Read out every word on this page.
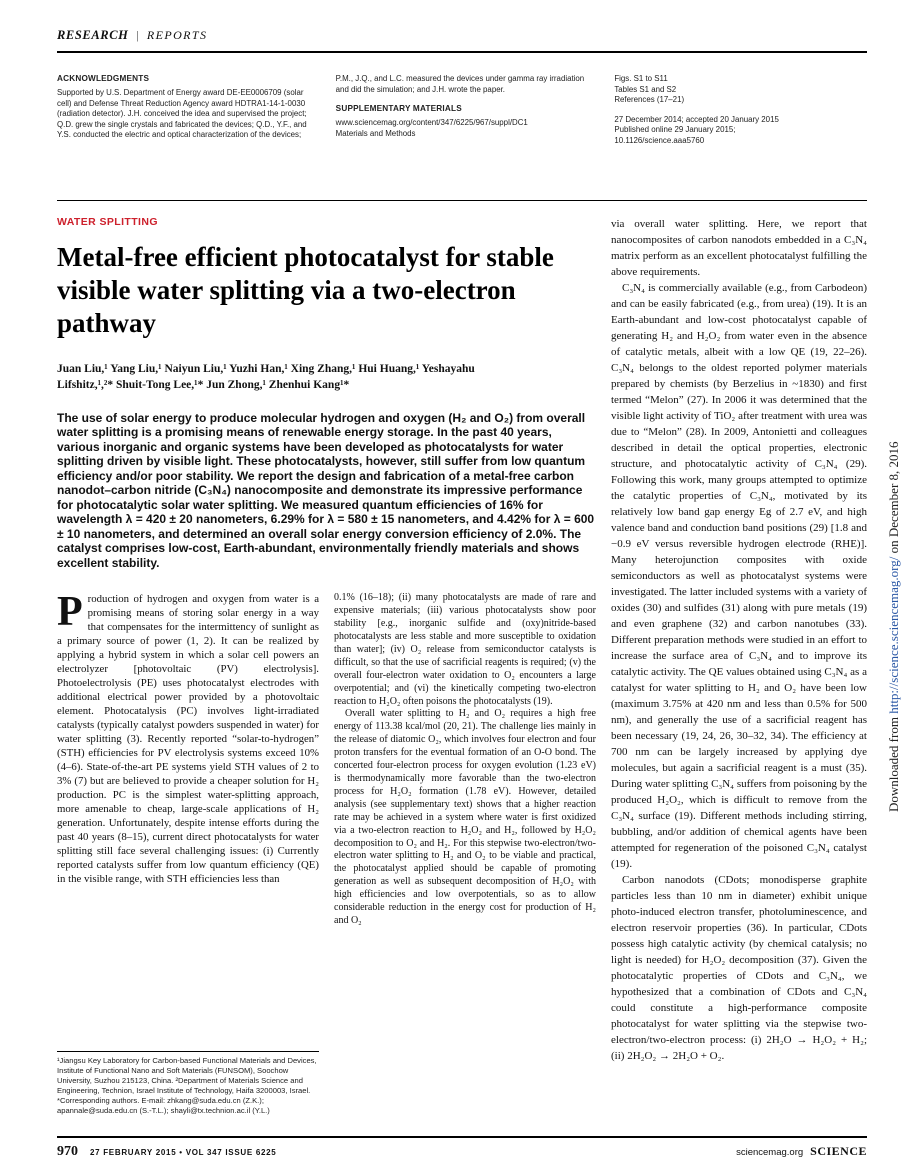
RESEARCH | REPORTS
ACKNOWLEDGMENTS

Supported by U.S. Department of Energy award DE-EE0006709 (solar cell) and Defense Threat Reduction Agency award HDTRA1-14-1-0030 (radiation detector). J.H. conceived the idea and supervised the project; Q.D. grew the single crystals and fabricated the devices; Q.D., Y.F., and Y.S. conducted the electric and optical characterization of the devices;

P.M., J.Q., and L.C. measured the devices under gamma ray irradiation and did the simulation; and J.H. wrote the paper.

SUPPLEMENTARY MATERIALS

www.sciencemag.org/content/347/6225/967/suppl/DC1

Materials and Methods

Figs. S1 to S11

Tables S1 and S2

References (17–21)

27 December 2014; accepted 20 January 2015

Published online 29 January 2015;

10.1126/science.aaa5760

WATER SPLITTING
Metal-free efficient photocatalyst for stable visible water splitting via a two-electron pathway

Juan Liu,¹ Yang Liu,¹ Naiyun Liu,¹ Yuzhi Han,¹ Xing Zhang,¹ Hui Huang,¹ Yeshayahu Lifshitz,¹,²* Shuit-Tong Lee,¹* Jun Zhong,¹ Zhenhui Kang¹*

The use of solar energy to produce molecular hydrogen and oxygen (H₂ and O₂) from overall water splitting is a promising means of renewable energy storage. In the past 40 years, various inorganic and organic systems have been developed as photocatalysts for water splitting driven by visible light. These photocatalysts, however, still suffer from low quantum efficiency and/or poor stability. We report the design and fabrication of a metal-free carbon nanodot–carbon nitride (C₃N₄) nanocomposite and demonstrate its impressive performance for photocatalytic solar water splitting. We measured quantum efficiencies of 16% for wavelength λ = 420 ± 20 nanometers, 6.29% for λ = 580 ± 15 nanometers, and 4.42% for λ = 600 ± 10 nanometers, and determined an overall solar energy conversion efficiency of 2.0%. The catalyst comprises low-cost, Earth-abundant, environmentally friendly materials and shows excellent stability.

Production of hydrogen and oxygen from water is a promising means of storing solar energy in a way that compensates for the intermittency of sunlight as a primary source of power (1, 2). It can be realized by applying a hybrid system in which a solar cell powers an electrolyzer [photovoltaic (PV) electrolysis]. Photoelectrolysis (PE) uses photocatalyst electrodes with additional electrical power provided by a photovoltaic element. Photocatalysis (PC) involves light-irradiated catalysts (typically catalyst powders suspended in water) for water splitting (3). Recently reported “solar-to-hydrogen” (STH) efficiencies for PV electrolysis systems exceed 10% (4–6). State-of-the-art PE systems yield STH values of 2 to 3% (7) but are believed to provide a cheaper solution for H₂ production. PC is the simplest water-splitting approach, more amenable to cheap, large-scale applications of H₂ generation. Unfortunately, despite intense efforts during the past 40 years (8–15), current direct photocatalysts for water splitting still face several challenging issues: (i) Currently reported catalysts suffer from low quantum efficiency (QE) in the visible range, with STH efficiencies less than

¹Jiangsu Key Laboratory for Carbon-based Functional Materials and Devices, Institute of Functional Nano and Soft Materials (FUNSOM), Soochow University, Suzhou 215123, China. ²Department of Materials Science and Engineering, Technion, Israel Institute of Technology, Haifa 3200003, Israel.

*Corresponding authors. E-mail: zhkang@suda.edu.cn (Z.K.); apannale@suda.edu.cn (S.-T.L.); shayli@tx.technion.ac.il (Y.L.)

0.1% (16–18); (ii) many photocatalysts are made of rare and expensive materials; (iii) various photocatalysts show poor stability [e.g., inorganic sulfide and (oxy)nitride-based photocatalysts are less stable and more susceptible to oxidation than water]; (iv) O₂ release from semiconductor catalysts is difficult, so that the use of sacrificial reagents is required; (v) the overall four-electron water oxidation to O₂ encounters a large overpotential; and (vi) the kinetically competing two-electron reaction to H₂O₂ often poisons the photocatalysts (19).

Overall water splitting to H₂ and O₂ requires a high free energy of 113.38 kcal/mol (20, 21). The challenge lies mainly in the release of diatomic O₂, which involves four electron and four proton transfers for the eventual formation of an O-O bond. The concerted four-electron process for oxygen evolution (1.23 eV) is thermodynamically more favorable than the two-electron process for H₂O₂ formation (1.78 eV). However, detailed analysis (see supplementary text) shows that a higher reaction rate may be achieved in a system where water is first oxidized via a two-electron reaction to H₂O₂ and H₂, followed by H₂O₂ decomposition to O₂ and H₂. For this stepwise two-electron/two-electron water splitting to H₂ and O₂ to be viable and practical, the photocatalyst applied should be capable of promoting generation as well as subsequent decomposition of H₂O₂ with high efficiencies and low overpotentials, so as to allow considerable reduction in the energy cost for production of H₂ and O₂

via overall water splitting. Here, we report that nanocomposites of carbon nanodots embedded in a C₃N₄ matrix perform as an excellent photocatalyst fulfilling the above requirements.

C₃N₄ is commercially available (e.g., from Carbodeon) and can be easily fabricated (e.g., from urea) (19). It is an Earth-abundant and low-cost photocatalyst capable of generating H₂ and H₂O₂ from water even in the absence of catalytic metals, albeit with a low QE (19, 22–26). C₃N₄ belongs to the oldest reported polymer materials prepared by chemists (by Berzelius in ~1830) and first termed “Melon” (27). In 2006 it was determined that the visible light activity of TiO₂ after treatment with urea was due to “Melon” (28). In 2009, Antonietti and colleagues described in detail the optical properties, electronic structure, and photocatalytic activity of C₃N₄ (29). Following this work, many groups attempted to optimize the catalytic properties of C₃N₄, motivated by its relatively low band gap energy Eg of 2.7 eV, and high valence band and conduction band positions (29) [1.8 and −0.9 eV versus reversible hydrogen electrode (RHE)]. Many heterojunction composites with oxide semiconductors as well as photocatalyst systems were investigated. The latter included systems with a variety of oxides (30) and sulfides (31) along with pure metals (19) and even graphene (32) and carbon nanotubes (33). Different preparation methods were studied in an effort to increase the surface area of C₃N₄ and to improve its catalytic activity. The QE values obtained using C₃N₄ as a catalyst for water splitting to H₂ and O₂ have been low (maximum 3.75% at 420 nm and less than 0.5% for 500 nm), and generally the use of a sacrificial reagent has been necessary (19, 24, 26, 30–32, 34). The efficiency at 700 nm can be largely increased by applying dye molecules, but again a sacrificial reagent is a must (35). During water splitting C₃N₄ suffers from poisoning by the produced H₂O₂, which is difficult to remove from the C₃N₄ surface (19). Different methods including stirring, bubbling, and/or addition of chemical agents have been attempted for regeneration of the poisoned C₃N₄ catalyst (19).

Carbon nanodots (CDots; monodisperse graphite particles less than 10 nm in diameter) exhibit unique photo-induced electron transfer, photoluminescence, and electron reservoir properties (36). In particular, CDots possess high catalytic activity (by chemical catalysis; no light is needed) for H₂O₂ decomposition (37). Given the photocatalytic properties of CDots and C₃N₄, we hypothesized that a combination of CDots and C₃N₄ could constitute a high-performance composite photocatalyst for water splitting via the stepwise two-electron/two-electron process: (i) 2H₂O → H₂O₂ + H₂; (ii) 2H₂O₂ → 2H₂O + O₂.

Downloaded from http://science.sciencemag.org/ on December 8, 2016
970 27 FEBRUARY 2015 • VOL 347 ISSUE 6225	sciencemag.org SCIENCE
